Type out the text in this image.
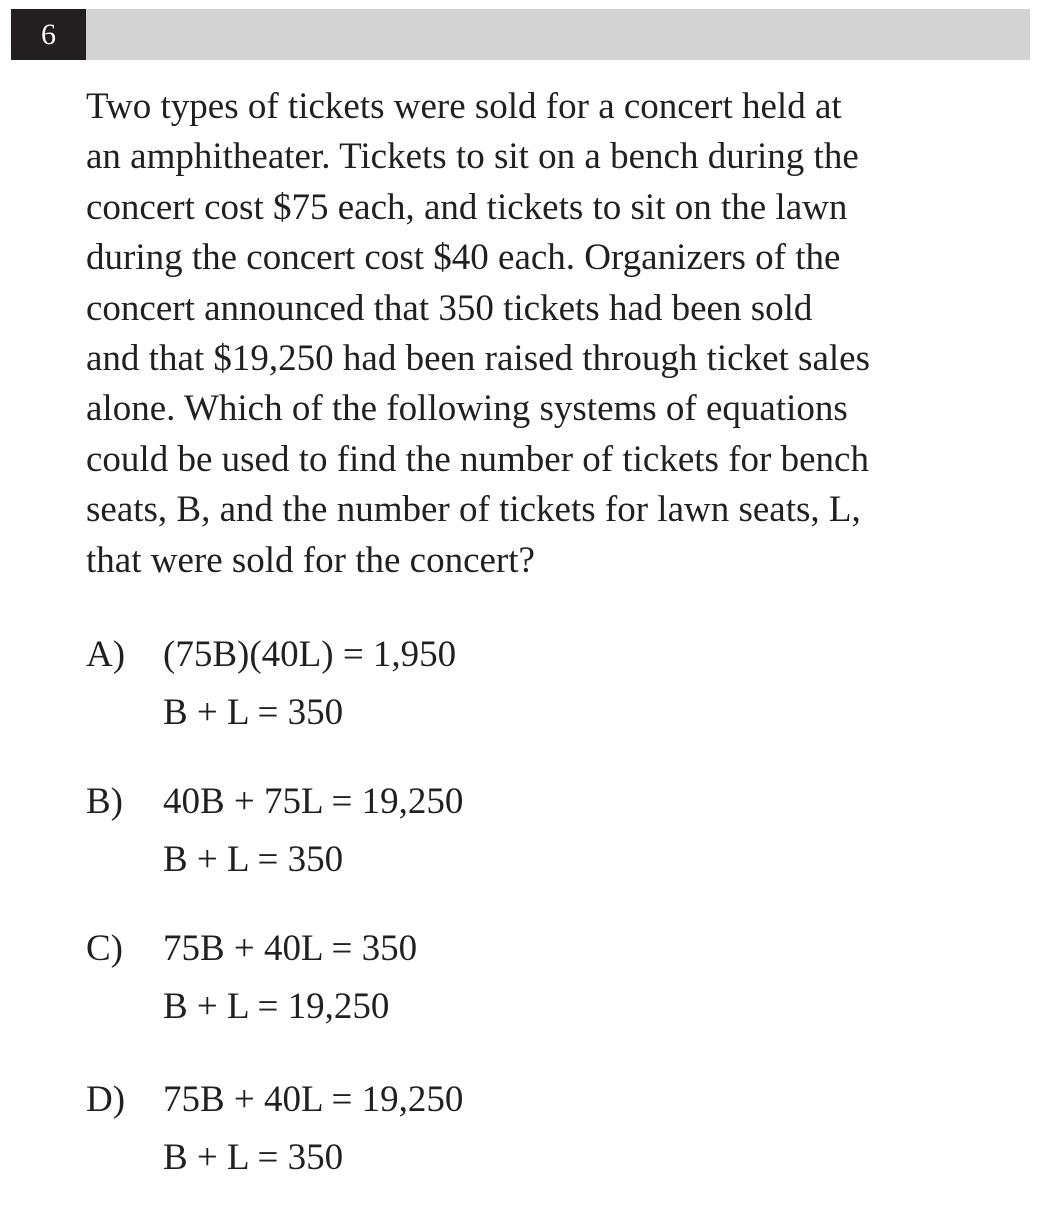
6
Two types of tickets were sold for a concert held at
an amphitheater. Tickets to sit on a bench during the
concert cost $75 each, and tickets to sit on the lawn
during the concert cost $40 each. Organizers of the
concert announced that 350 tickets had been sold
and that $19,250 had been raised through ticket sales
alone. Which of the following systems of equations
could be used to find the number of tickets for bench
seats, B, and the number of tickets for lawn seats, L,
that were sold for the concert?
A) (75B)(40L) = 1,950
B + L = 350
B) 40B + 75L = 19,250
B + L = 350
C) 75B + 40L = 350
B + L = 19,250
D) 75B + 40L = 19,250
B + L = 350
